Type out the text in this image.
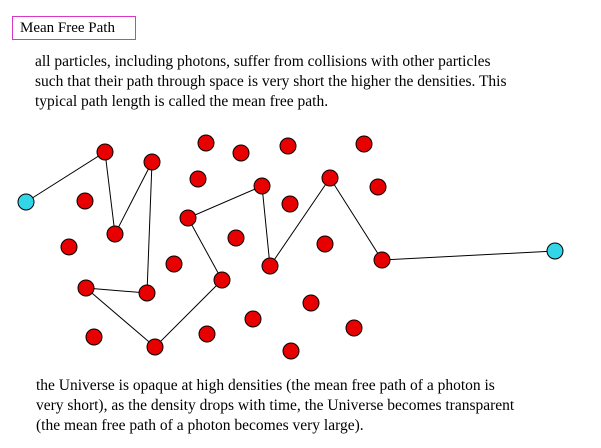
Mean Free Path
all particles, including photons, suffer from collisions with other particles
such that their path through space is very short the higher the densities. This
typical path length is called the mean free path.
the Universe is opaque at high densities (the mean free path of a photon is
very short), as the density drops with time, the Universe becomes transparent
(the mean free path of a photon becomes very large).
